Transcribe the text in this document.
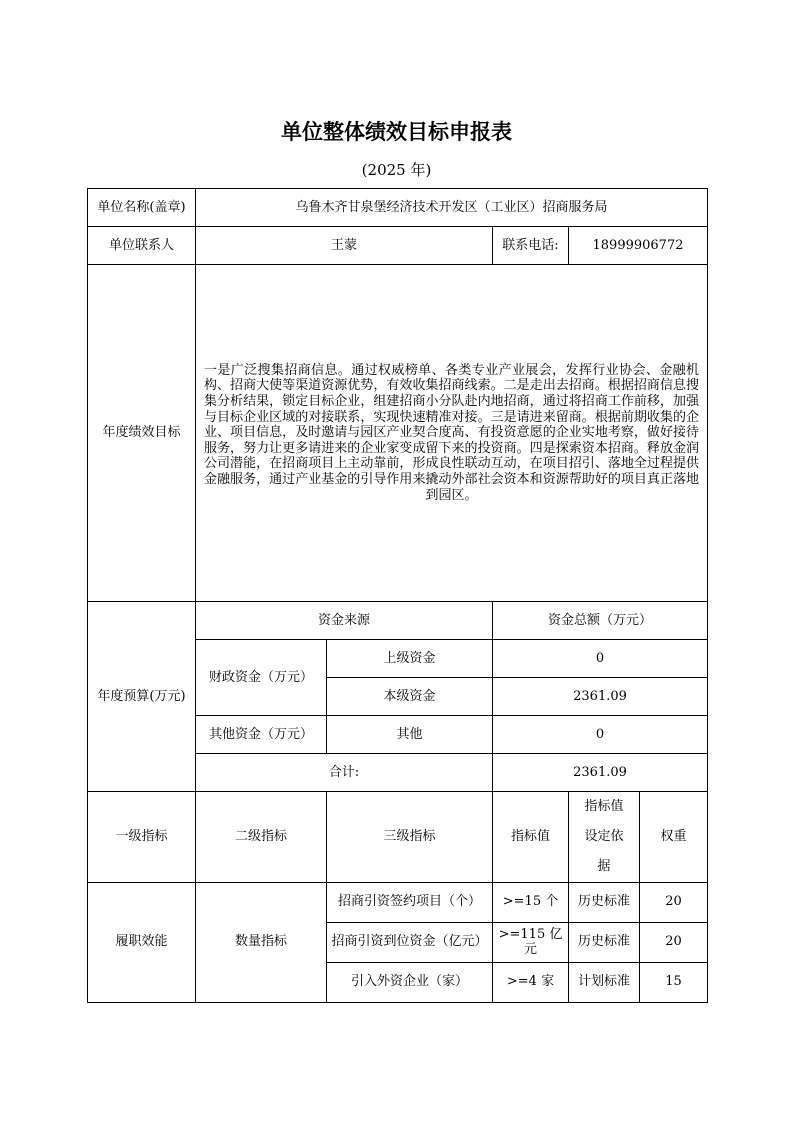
单位整体绩效目标申报表
(2025 年)
单位名称(盖章)	乌鲁木齐甘泉堡经济技术开发区（工业区）招商服务局				
单位联系人	王蒙		联系电话:	18999906772	
年度绩效目标	一是广泛搜集招商信息。通过权威榜单、各类专业产业展会，发挥行业协会、金融机构、招商大使等渠道资源优势，有效收集招商线索。二是走出去招商。根据招商信息搜集分析结果，锁定目标企业，组建招商小分队赴内地招商，通过将招商工作前移，加强与目标企业区域的对接联系，实现快速精准对接。三是请进来留商。根据前期收集的企业、项目信息，及时邀请与园区产业契合度高、有投资意愿的企业实地考察，做好接待服务，努力让更多请进来的企业家变成留下来的投资商。四是探索资本招商。释放金润公司潜能，在招商项目上主动靠前，形成良性联动互动，在项目招引、落地全过程提供金融服务，通过产业基金的引导作用来撬动外部社会资本和资源帮助好的项目真正落地到园区。				

年度预算(万元)	资金来源		资金总额（万元）		
	财政资金（万元）	上级资金	0		
		本级资金	2361.09		
	其他资金（万元）	其他	0		
	合计:		2361.09		
一级指标	二级指标	三级指标	指标值	指标值设定依据	权重
履职效能	数量指标	招商引资签约项目（个）	>=15 个	历史标准	20
		招商引资到位资金（亿元）	>=115 亿元	历史标准	20
		引入外资企业（家）	>=4 家	计划标准	15
